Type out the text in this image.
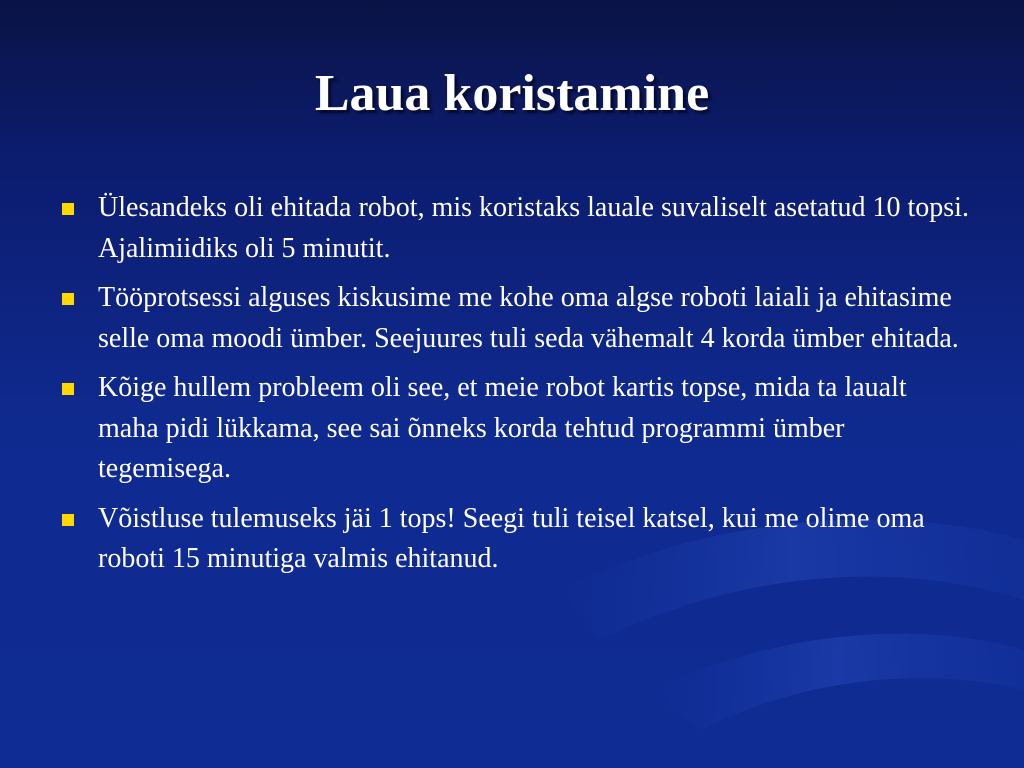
Laua koristamine
Ülesandeks oli ehitada robot, mis koristaks lauale suvaliselt asetatud 10 topsi. Ajalimiidiks oli 5 minutit.
Tööprotsessi alguses kiskusime me kohe oma algse roboti laiali ja ehitasime selle oma moodi ümber. Seejuures tuli seda vähemalt 4 korda ümber ehitada.
Kõige hullem probleem oli see, et meie robot kartis topse, mida ta laualt maha pidi lükkama, see sai õnneks korda tehtud programmi ümber tegemisega.
Võistluse tulemuseks jäi 1 tops! Seegi tuli teisel katsel, kui me olime oma roboti 15 minutiga valmis ehitanud.
